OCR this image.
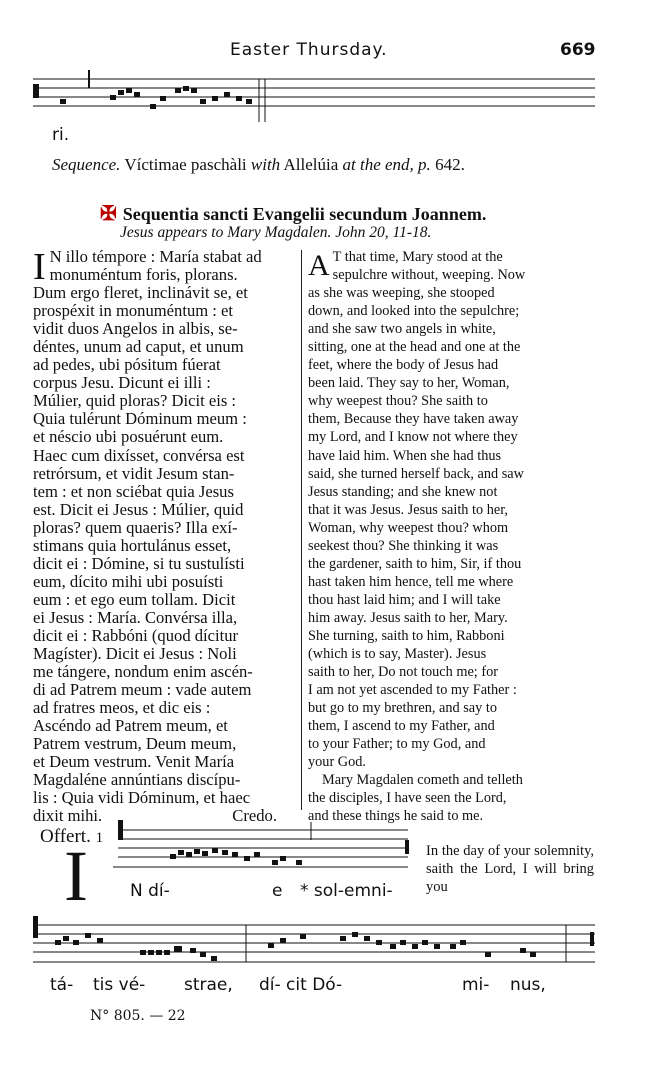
Easter Thursday.	669
ri.
Sequence. Víctimae paschàli with Allelúia at the end, p. 642.
✠ Sequentia sancti Evangelii secundum Joannem.
Jesus appears to Mary Magdalen. John 20, 11-18.
I N illo témpore : María stabat ad
monuméntum foris, plorans.
Dum ergo fleret, inclinávit se, et
prospéxit in monuméntum : et
vidit duos Angelos in albis, se-
déntes, unum ad caput, et unum
ad pedes, ubi pósitum fúerat
corpus Jesu. Dicunt ei illi :
Múlier, quid ploras? Dicit eis :
Quia tulérunt Dóminum meum :
et néscio ubi posuérunt eum.
Haec cum dixísset, convérsa est
retrórsum, et vidit Jesum stan-
tem : et non sciébat quia Jesus
est. Dicit ei Jesus : Múlier, quid
ploras? quem quaeris? Illa exí-
stimans quia hortulánus esset,
dicit ei : Dómine, si tu sustulísti
eum, dícito mihi ubi posuísti
eum : et ego eum tollam. Dicit
ei Jesus : María. Convérsa illa,
dicit ei : Rabbóni (quod dícitur
Magíster). Dicit ei Jesus : Noli
me tángere, nondum enim ascén-
di ad Patrem meum : vade autem
ad fratres meos, et dic eis :
Ascéndo ad Patrem meum, et
Patrem vestrum, Deum meum,
et Deum vestrum. Venit María
Magdaléne annúntians discípu-
lis : Quia vidi Dóminum, et haec
dixit mihi.	Credo.
A T that time, Mary stood at the
sepulchre without, weeping. Now
as she was weeping, she stooped
down, and looked into the sepulchre;
and she saw two angels in white,
sitting, one at the head and one at the
feet, where the body of Jesus had
been laid. They say to her, Woman,
why weepest thou? She saith to
them, Because they have taken away
my Lord, and I know not where they
have laid him. When she had thus
said, she turned herself back, and saw
Jesus standing; and she knew not
that it was Jesus. Jesus saith to her,
Woman, why weepest thou? whom
seekest thou? She thinking it was
the gardener, saith to him, Sir, if thou
hast taken him hence, tell me where
thou hast laid him; and I will take
him away. Jesus saith to her, Mary.
She turning, saith to him, Rabboni
(which is to say, Master). Jesus
saith to her, Do not touch me; for
I am not yet ascended to my Father :
but go to my brethren, and say to
them, I ascend to my Father, and
to your Father; to my God, and
your God.
Mary Magdalen cometh and telleth
the disciples, I have seen the Lord,
and these things he said to me.
Offert. 1
I N dí-	e * sol-emni-
In the day of your solemnity, saith the Lord, I will bring you
tá- tis vé- strae, dí- cit Dó-	mi- nus,
N° 805. — 22
